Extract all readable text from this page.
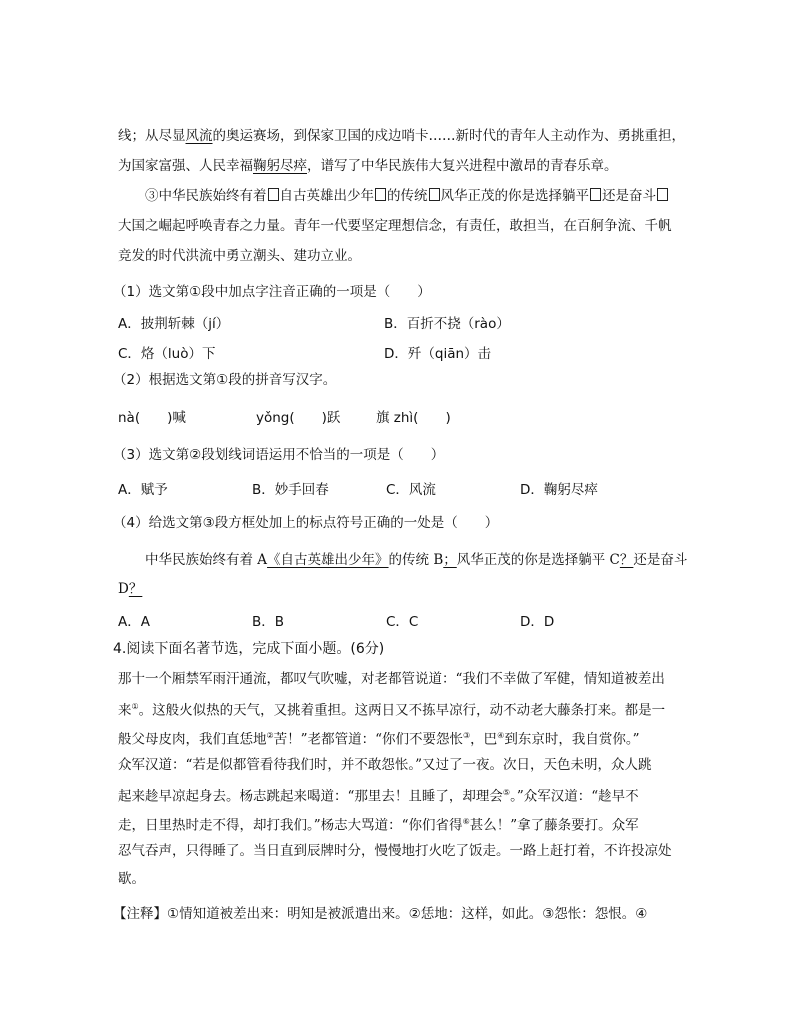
线；从尽显风流的奥运赛场，到保家卫国的戍边哨卡……新时代的青年人主动作为、勇挑重担，
为国家富强、人民幸福鞠躬尽瘁，谱写了中华民族伟大复兴进程中激昂的青春乐章。
③中华民族始终有着 自古英雄出少年 的传统 风华正茂的你是选择躺平 还是奋斗
大国之崛起呼唤青春之力量。青年一代要坚定理想信念，有责任，敢担当，在百舸争流、千帆
竞发的时代洪流中勇立潮头、建功立业。
（1）选文第①段中加点字注音正确的一项是（　　）
A．披荆斩棘（jí）	B．百折不挠（rào）
C．烙（luò）下	D．歼（qiān）击
（2）根据选文第①段的拼音写汉字。
nà(　　)喊	yǒng(　　)跃	旗 zhì(　　)
（3）选文第②段划线词语运用不恰当的一项是（　　）
A．赋予	B．妙手回春	C．风流	D．鞠躬尽瘁
（4）给选文第③段方框处加上的标点符号正确的一处是（　　）
中华民族始终有着 A《自古英雄出少年》的传统 B；风华正茂的你是选择躺平 C？还是奋斗
D？
A．A	B．B	C．C	D．D
4.阅读下面名著节选，完成下面小题。(6分)
那十一个厢禁军雨汗通流，都叹气吹嘘，对老都管说道：“我们不幸做了军健，情知道被差出
来①。这般火似热的天气，又挑着重担。这两日又不拣早凉行，动不动老大藤条打来。都是一
般父母皮肉，我们直恁地②苦！”老都管道：“你们不要怨怅③，巴④到东京时，我自赏你。”
众军汉道：“若是似都管看待我们时，并不敢怨怅。”又过了一夜。次日，天色未明，众人跳
起来趁早凉起身去。杨志跳起来喝道：“那里去！且睡了，却理会⑤。”众军汉道：“趁早不
走，日里热时走不得，却打我们。”杨志大骂道：“你们省得⑥甚么！”拿了藤条要打。众军
忍气吞声，只得睡了。当日直到辰牌时分，慢慢地打火吃了饭走。一路上赶打着，不许投凉处
歇。
【注释】①情知道被差出来：明知是被派遣出来。②恁地：这样，如此。③怨怅：怨恨。④
